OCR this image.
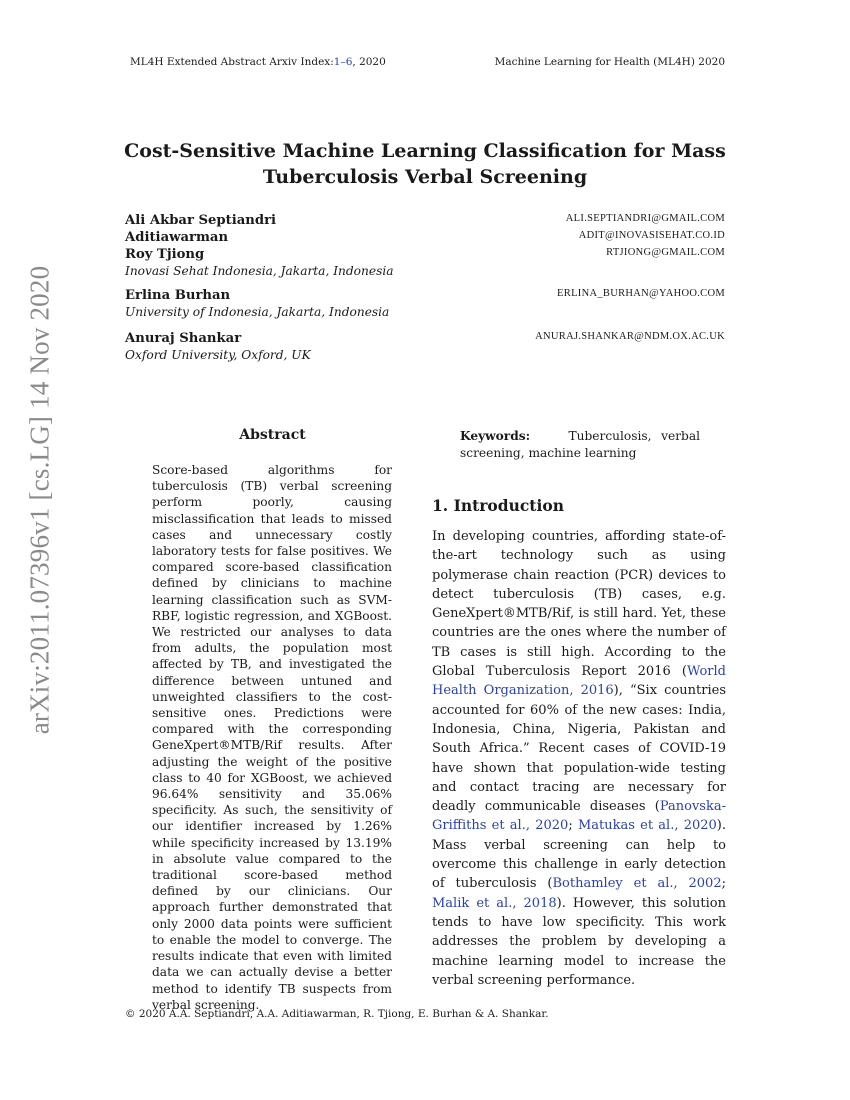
ML4H Extended Abstract Arxiv Index:1–6, 2020	Machine Learning for Health (ML4H) 2020
arXiv:2011.07396v1 [cs.LG] 14 Nov 2020
Cost-Sensitive Machine Learning Classification for Mass
Tuberculosis Verbal Screening
Ali Akbar Septiandri	ALI.SEPTIANDRI@GMAIL.COM
Aditiawarman	ADIT@INOVASISEHAT.CO.ID
Roy Tjiong	RTJIONG@GMAIL.COM
Inovasi Sehat Indonesia, Jakarta, Indonesia
Erlina Burhan	ERLINA_BURHAN@YAHOO.COM
University of Indonesia, Jakarta, Indonesia
Anuraj Shankar	ANURAJ.SHANKAR@NDM.OX.AC.UK
Oxford University, Oxford, UK
Abstract
Score-based algorithms for tuberculosis (TB) verbal screening perform poorly, causing misclassification that leads to missed cases and unnecessary costly laboratory tests for false positives. We compared score-based classification defined by clinicians to machine learning classification such as SVM-RBF, logistic regression, and XGBoost. We restricted our analyses to data from adults, the population most affected by TB, and investigated the difference between untuned and unweighted classifiers to the cost-sensitive ones. Predictions were compared with the corresponding GeneXpert®MTB/Rif results. After adjusting the weight of the positive class to 40 for XGBoost, we achieved 96.64% sensitivity and 35.06% specificity. As such, the sensitivity of our identifier increased by 1.26% while specificity increased by 13.19% in absolute value compared to the traditional score-based method defined by our clinicians. Our approach further demonstrated that only 2000 data points were sufficient to enable the model to converge. The results indicate that even with limited data we can actually devise a better method to identify TB suspects from verbal screening.
Keywords:	Tuberculosis, verbal screening, machine learning
1. Introduction
In developing countries, affording state-of-the-art technology such as using polymerase chain reaction (PCR) devices to detect tuberculosis (TB) cases, e.g. GeneXpert®MTB/Rif, is still hard. Yet, these countries are the ones where the number of TB cases is still high. According to the Global Tuberculosis Report 2016 (World Health Organization, 2016), “Six countries accounted for 60% of the new cases: India, Indonesia, China, Nigeria, Pakistan and South Africa.” Recent cases of COVID-19 have shown that population-wide testing and contact tracing are necessary for deadly communicable diseases (Panovska-Griffiths et al., 2020; Matukas et al., 2020). Mass verbal screening can help to overcome this challenge in early detection of tuberculosis (Bothamley et al., 2002; Malik et al., 2018). However, this solution tends to have low specificity. This work addresses the problem by developing a machine learning model to increase the verbal screening performance.
© 2020 A.A. Septiandri, A.A. Aditiawarman, R. Tjiong, E. Burhan & A. Shankar.
